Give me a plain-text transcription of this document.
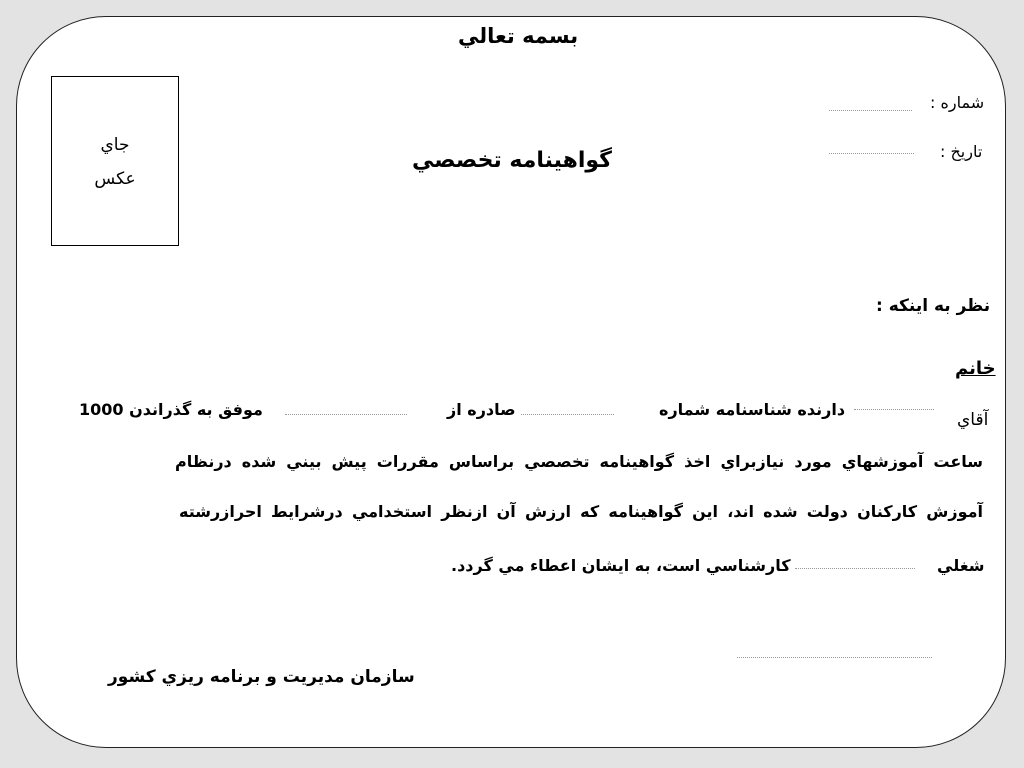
بسمه تعالي
شماره :
تاريخ :
جاي
عكس
گواهينامه تخصصي
نظر به اينكه :
خانم
آقاي
دارنده شناسنامه شماره
صادره از
موفق به گذراندن 1000
ساعت آموزشهاي مورد نيازبراي اخذ گواهينامه تخصصي براساس مقررات پيش بيني شده درنظام
آموزش كاركنان دولت شده اند، اين گواهينامه كه ارزش آن ازنظر استخدامي درشرايط احرازرشته
شغلي
كارشناسي است، به ايشان اعطاء مي گردد.
سازمان مديريت و برنامه ريزي كشور
